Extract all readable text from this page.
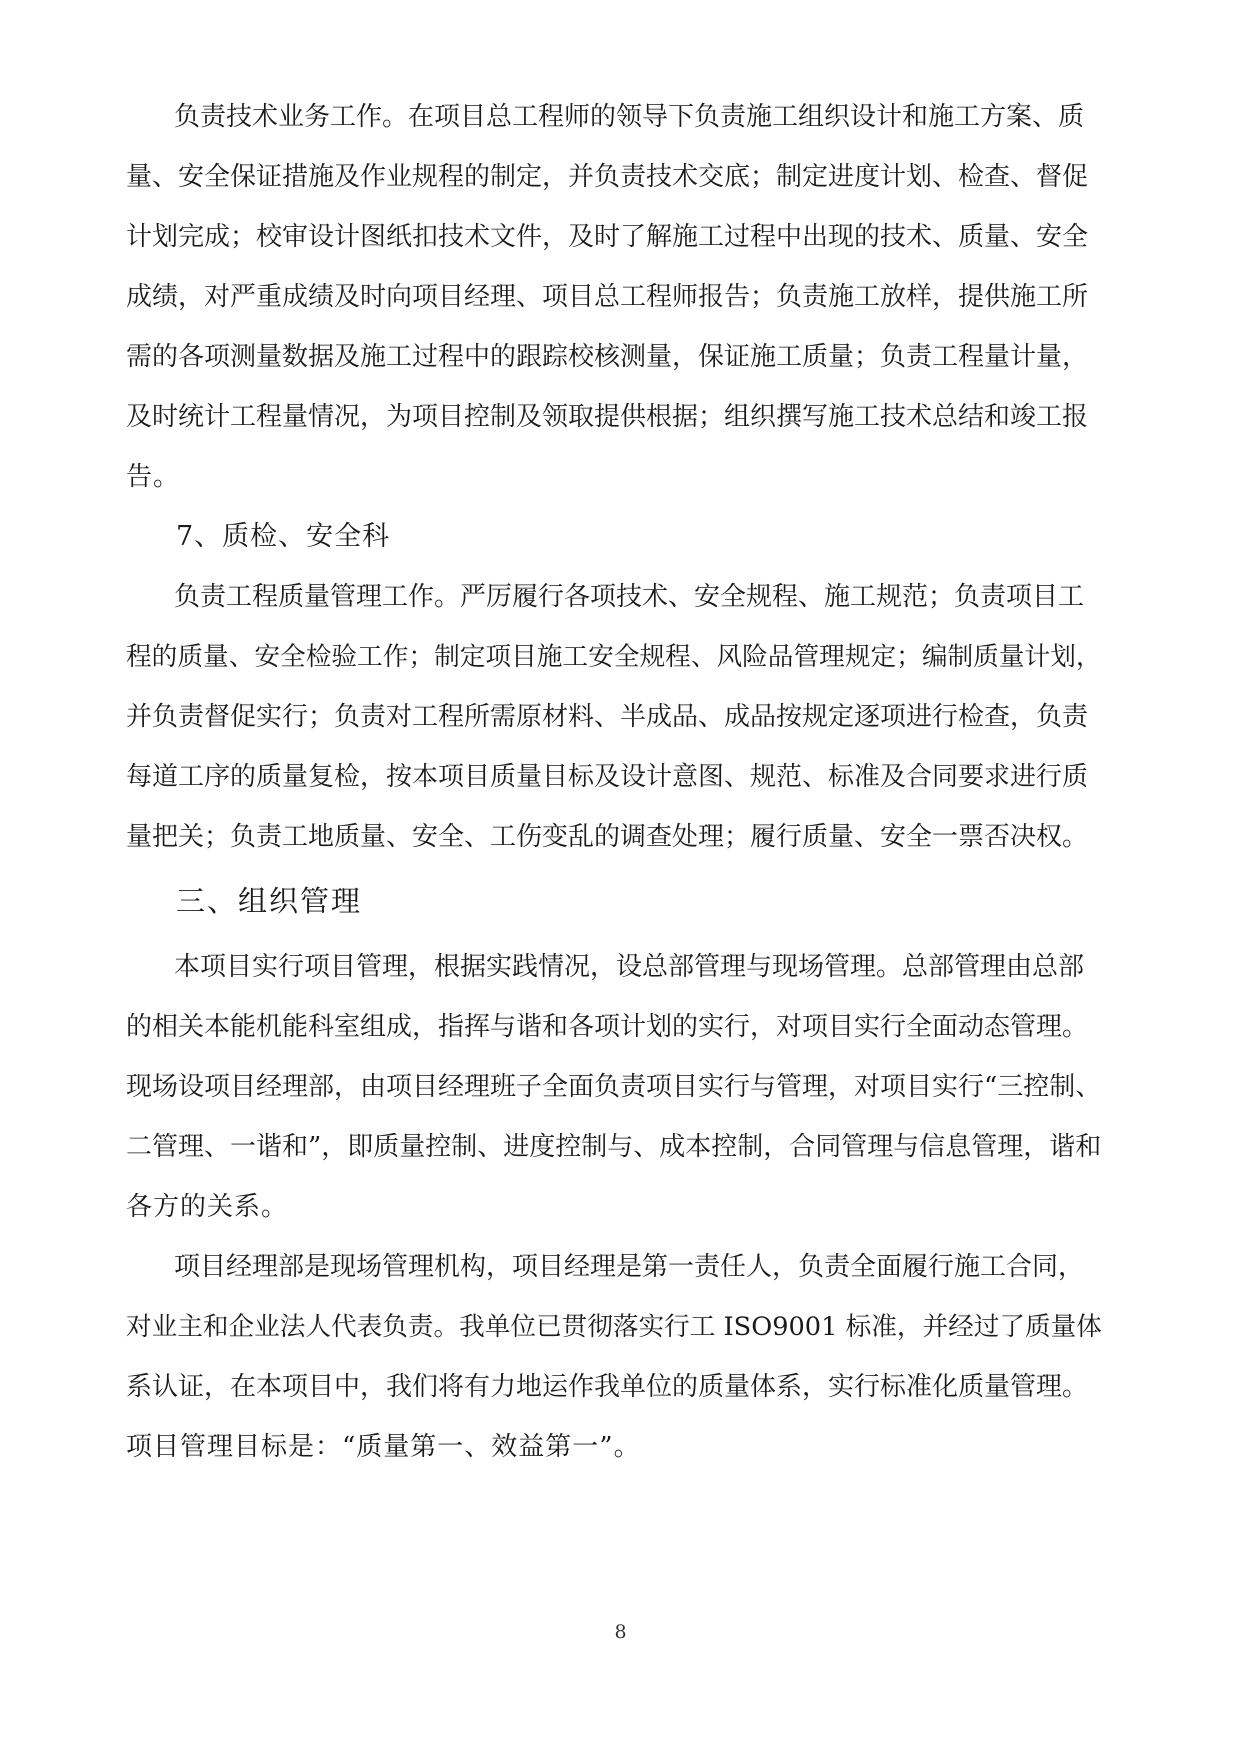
负责技术业务工作。在项目总工程师的领导下负责施工组织设计和施工方案、质
量、安全保证措施及作业规程的制定，并负责技术交底；制定进度计划、检查、督促
计划完成；校审设计图纸扣技术文件，及时了解施工过程中出现的技术、质量、安全
成绩，对严重成绩及时向项目经理、项目总工程师报告；负责施工放样，提供施工所
需的各项测量数据及施工过程中的跟踪校核测量，保证施工质量；负责工程量计量，
及时统计工程量情况，为项目控制及领取提供根据；组织撰写施工技术总结和竣工报
告。
7、质检、安全科
负责工程质量管理工作。严厉履行各项技术、安全规程、施工规范；负责项目工
程的质量、安全检验工作；制定项目施工安全规程、风险品管理规定；编制质量计划，
并负责督促实行；负责对工程所需原材料、半成品、成品按规定逐项进行检查，负责
每道工序的质量复检，按本项目质量目标及设计意图、规范、标准及合同要求进行质
量把关；负责工地质量、安全、工伤变乱的调查处理；履行质量、安全一票否决权。
三、组织管理
本项目实行项目管理，根据实践情况，设总部管理与现场管理。总部管理由总部
的相关本能机能科室组成，指挥与谐和各项计划的实行，对项目实行全面动态管理。
现场设项目经理部，由项目经理班子全面负责项目实行与管理，对项目实行“三控制、
二管理、一谐和”，即质量控制、进度控制与、成本控制，合同管理与信息管理，谐和
各方的关系。
项目经理部是现场管理机构，项目经理是第一责任人，负责全面履行施工合同，
对业主和企业法人代表负责。我单位已贯彻落实行工 ISO9001 标准，并经过了质量体
系认证，在本项目中，我们将有力地运作我单位的质量体系，实行标准化质量管理。
项目管理目标是：“质量第一、效益第一”。
8
